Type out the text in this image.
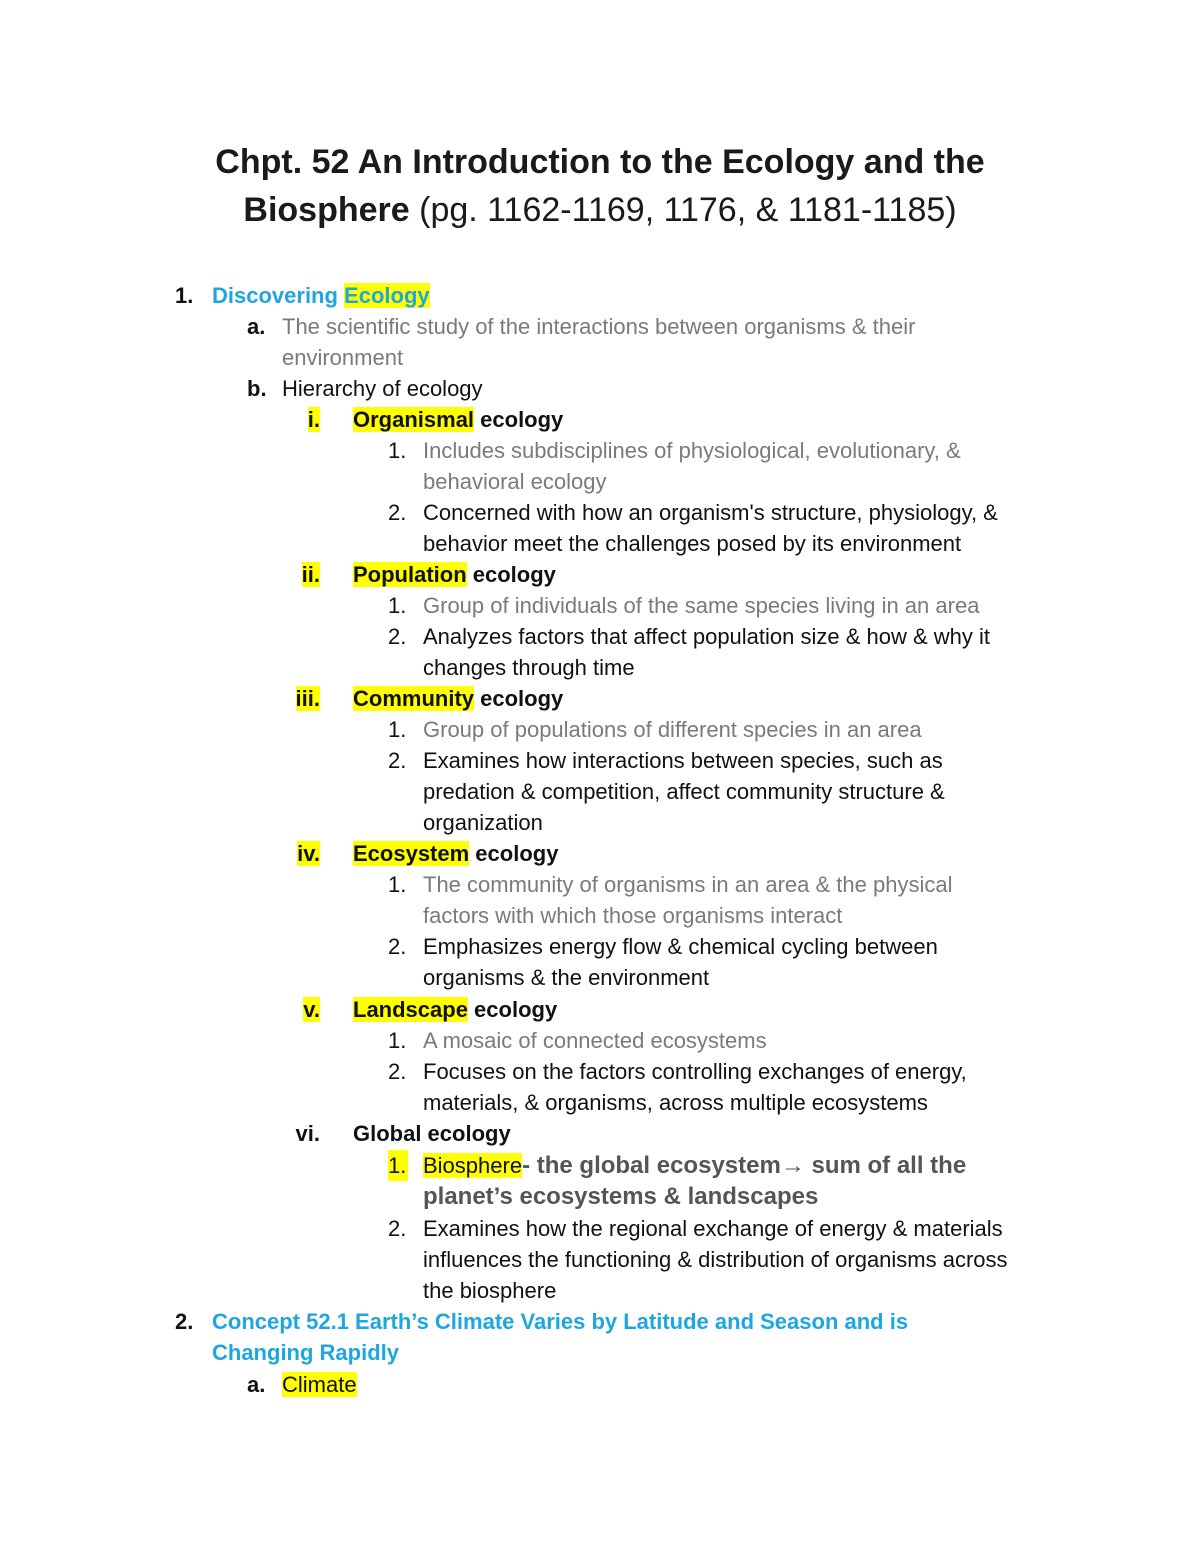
Chpt. 52 An Introduction to the Ecology and the
Biosphere (pg. 1162-1169, 1176, & 1181-1185)
1. Discovering Ecology
a. The scientific study of the interactions between organisms & their
environment
b. Hierarchy of ecology
i. Organismal ecology
1. Includes subdisciplines of physiological, evolutionary, &
behavioral ecology
2. Concerned with how an organism's structure, physiology, &
behavior meet the challenges posed by its environment
ii. Population ecology
1. Group of individuals of the same species living in an area
2. Analyzes factors that affect population size & how & why it
changes through time
iii. Community ecology
1. Group of populations of different species in an area
2. Examines how interactions between species, such as
predation & competition, affect community structure &
organization
iv. Ecosystem ecology
1. The community of organisms in an area & the physical
factors with which those organisms interact
2. Emphasizes energy flow & chemical cycling between
organisms & the environment
v. Landscape ecology
1. A mosaic of connected ecosystems
2. Focuses on the factors controlling exchanges of energy,
materials, & organisms, across multiple ecosystems
vi. Global ecology
1. Biosphere- the global ecosystem→ sum of all the
planet’s ecosystems & landscapes
2. Examines how the regional exchange of energy & materials
influences the functioning & distribution of organisms across
the biosphere
2. Concept 52.1 Earth’s Climate Varies by Latitude and Season and is
Changing Rapidly
a. Climate
